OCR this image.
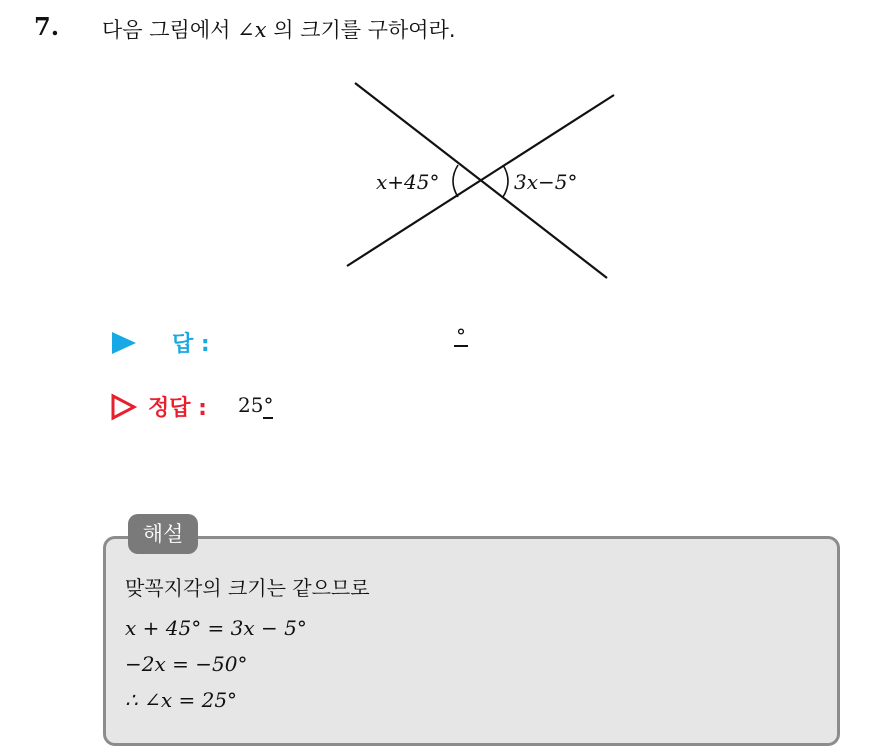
7. 다음 그림에서 ∠x 의 크기를 구하여라.
x+45°	3x−5°
답 :	°
정답 : 25°
해설
맞꼭지각의 크기는 같으므로
x + 45° = 3x − 5°
−2x = −50°
∴ ∠x = 25°
